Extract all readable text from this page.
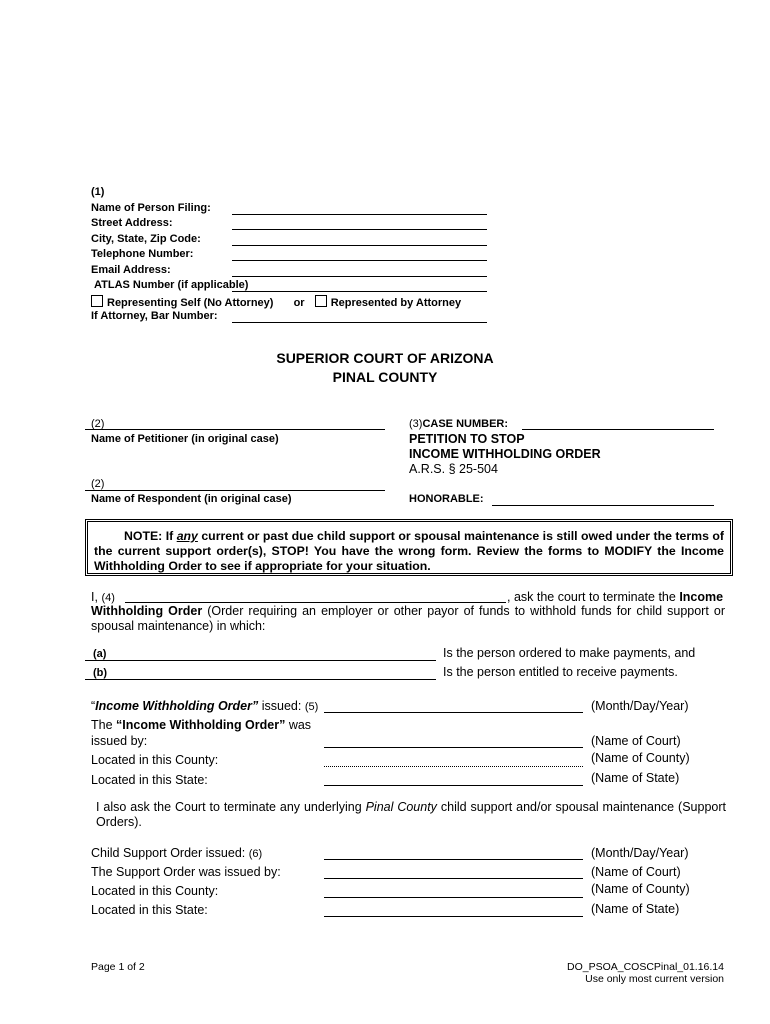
(1)
Name of Person Filing:
Street Address:
City, State, Zip Code:
Telephone Number:
Email Address:
ATLAS Number (if applicable)
Representing Self (No Attorney) or Represented by Attorney
If Attorney, Bar Number:
SUPERIOR COURT OF ARIZONA
PINAL COUNTY
(2)
Name of Petitioner (in original case)
(2)
Name of Respondent (in original case)
(3)CASE NUMBER:
PETITION TO STOP
INCOME WITHHOLDING ORDER
A.R.S. § 25-504
HONORABLE:
NOTE: If any current or past due child support or spousal maintenance is still owed under the terms of the current support order(s), STOP! You have the wrong form. Review the forms to MODIFY the Income Withholding Order to see if appropriate for your situation.
I, (4)	, ask the court to terminate the Income
Withholding Order (Order requiring an employer or other payor of funds to withhold funds for child support or spousal maintenance) in which:
(a)	Is the person ordered to make payments, and
(b)	Is the person entitled to receive payments.
“Income Withholding Order” issued: (5)	(Month/Day/Year)
The “Income Withholding Order” was
issued by:	(Name of Court)
Located in this County:	(Name of County)
Located in this State:	(Name of State)
I also ask the Court to terminate any underlying Pinal County child support and/or spousal maintenance (Support Orders).
Child Support Order issued: (6)	(Month/Day/Year)
The Support Order was issued by:	(Name of Court)
Located in this County:	(Name of County)
Located in this State:	(Name of State)
Page 1 of 2	DO_PSOA_COSCPinal_01.16.14
Use only most current version
